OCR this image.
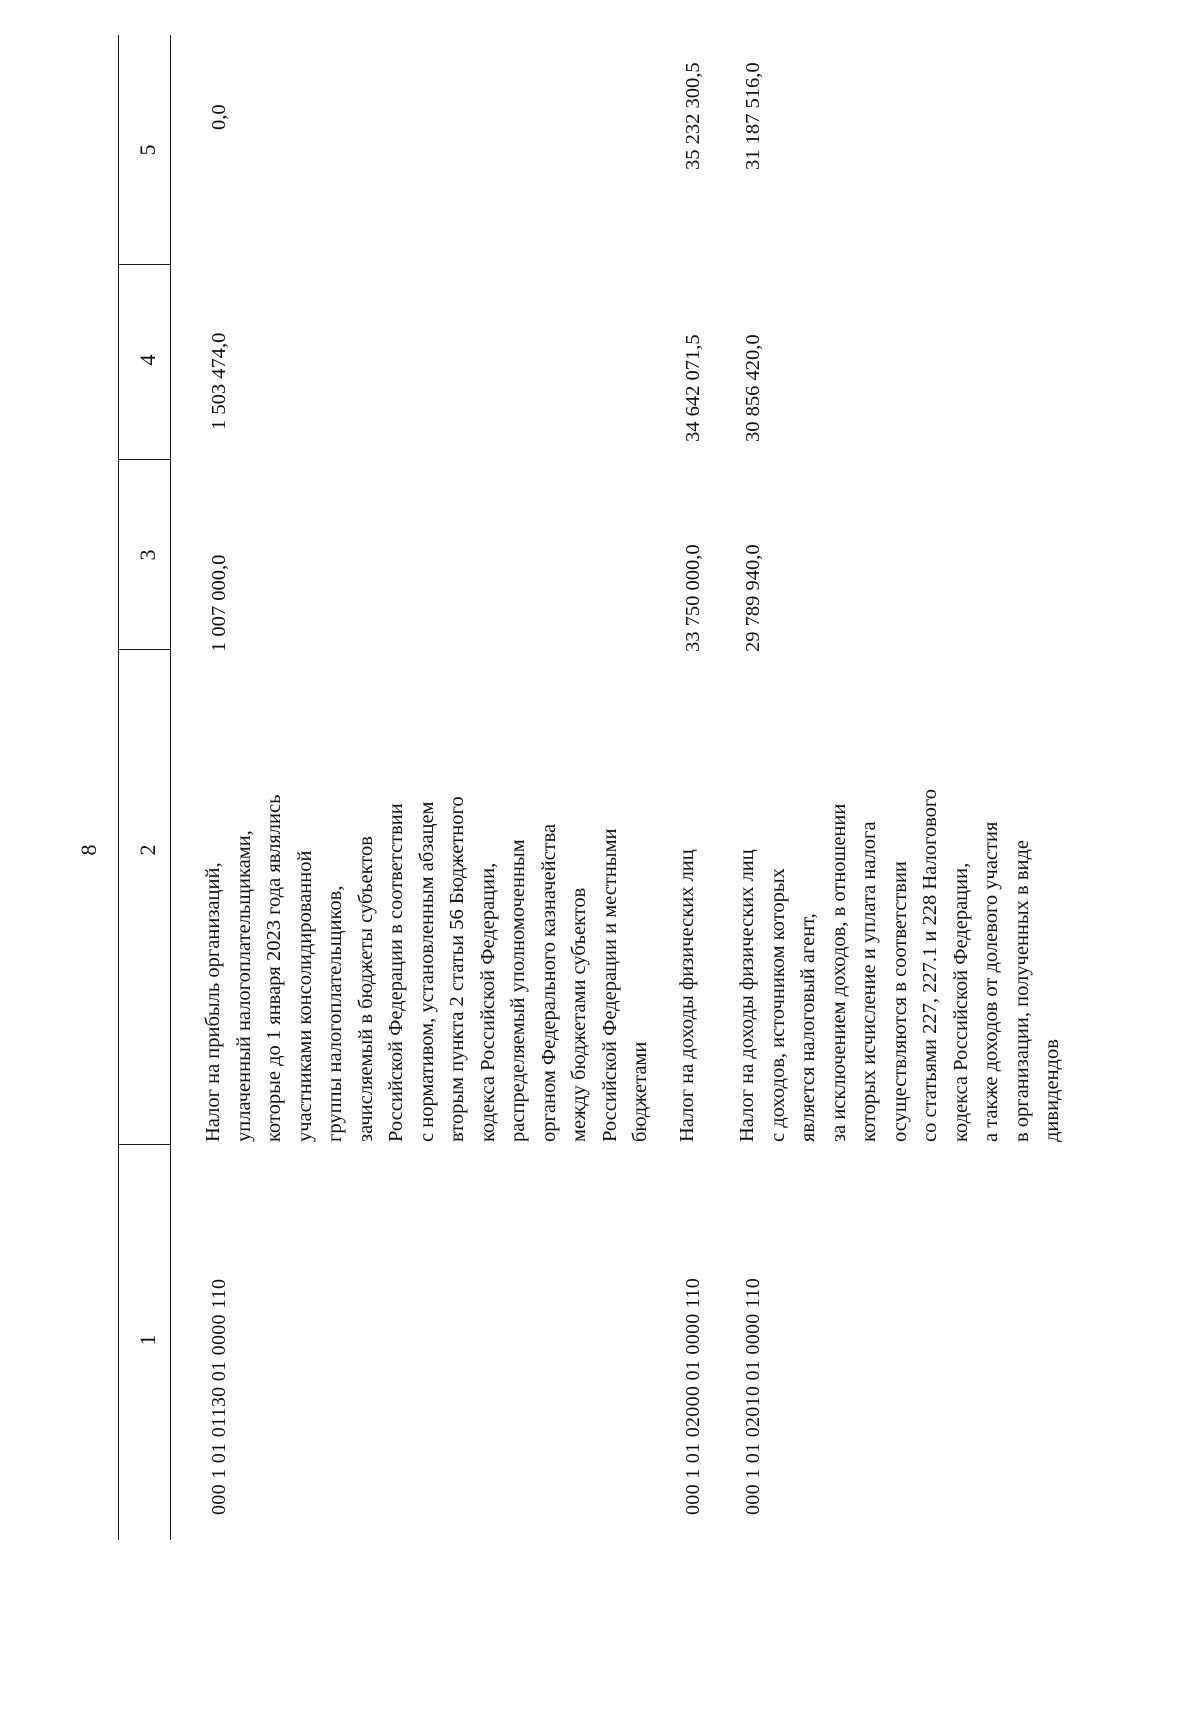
8
1
2
3
4
5
000 1 01 01130 01 0000 110
Налог на прибыль организаций, уплаченный налогоплательщиками, которые до 1 января 2023 года являлись участниками консолидированной группы налогоплательщиков, зачисляемый в бюджеты субъектов Российской Федерации в соответствии с нормативом, установленным абзацем вторым пункта 2 статьи 56 Бюджетного кодекса Российской Федерации, распределяемый уполномоченным органом Федерального казначейства между бюджетами субъектов Российской Федерации и местными бюджетами
1 007 000,0
1 503 474,0
0,0
000 1 01 02000 01 0000 110
Налог на доходы физических лиц
33 750 000,0
34 642 071,5
35 232 300,5
000 1 01 02010 01 0000 110
Налог на доходы физических лиц с доходов, источником которых является налоговый агент, за исключением доходов, в отношении которых исчисление и уплата налога осуществляются в соответствии со статьями 227, 227.1 и 228 Налогового кодекса Российской Федерации, а также доходов от долевого участия в организации, полученных в виде дивидендов
29 789 940,0
30 856 420,0
31 187 516,0
